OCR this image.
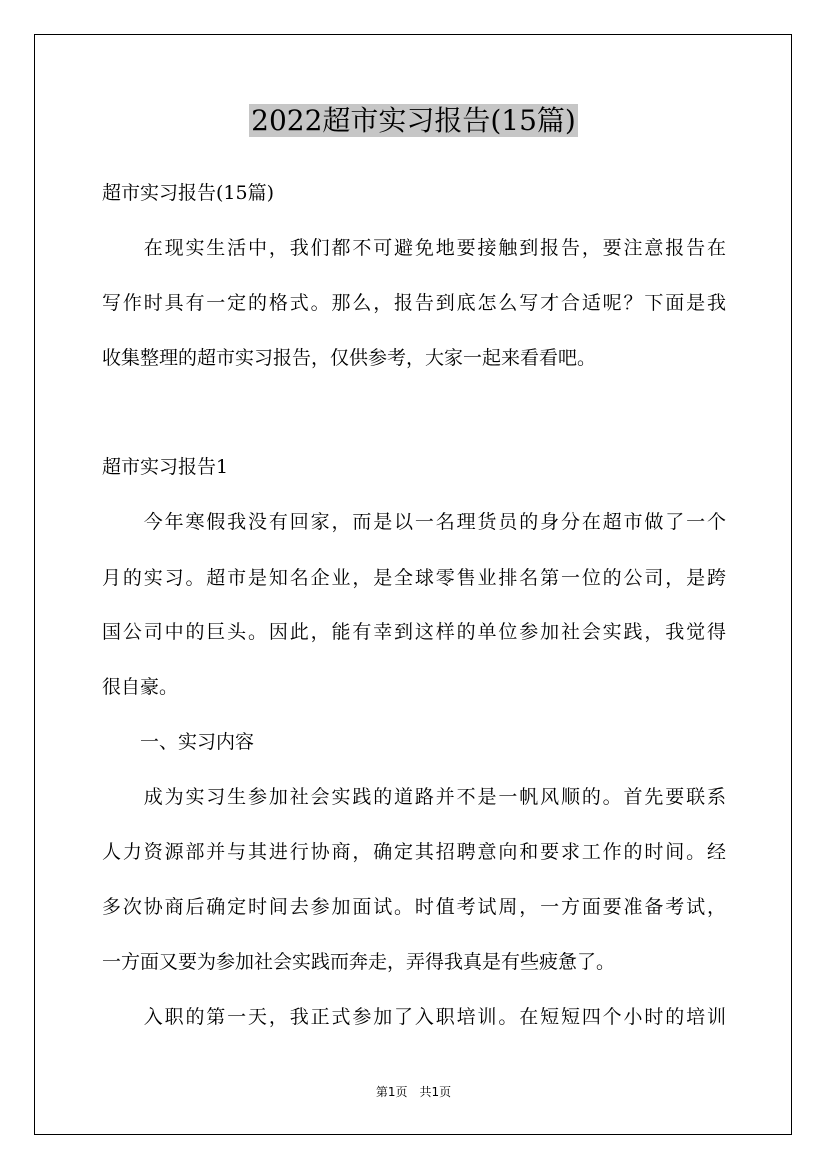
2022超市实习报告(15篇)
超市实习报告(15篇)
　　在现实生活中，我们都不可避免地要接触到报告，要注意报告在
写作时具有一定的格式。那么，报告到底怎么写才合适呢？下面是我
收集整理的超市实习报告，仅供参考，大家一起来看看吧。
超市实习报告1
　　今年寒假我没有回家，而是以一名理货员的身分在超市做了一个
月的实习。超市是知名企业，是全球零售业排名第一位的公司，是跨
国公司中的巨头。因此，能有幸到这样的单位参加社会实践，我觉得
很自豪。
　　一、实习内容
　　成为实习生参加社会实践的道路并不是一帆风顺的。首先要联系
人力资源部并与其进行协商，确定其招聘意向和要求工作的时间。经
多次协商后确定时间去参加面试。时值考试周，一方面要准备考试，
一方面又要为参加社会实践而奔走，弄得我真是有些疲惫了。
　　入职的第一天，我正式参加了入职培训。在短短四个小时的培训
第1页　共1页
